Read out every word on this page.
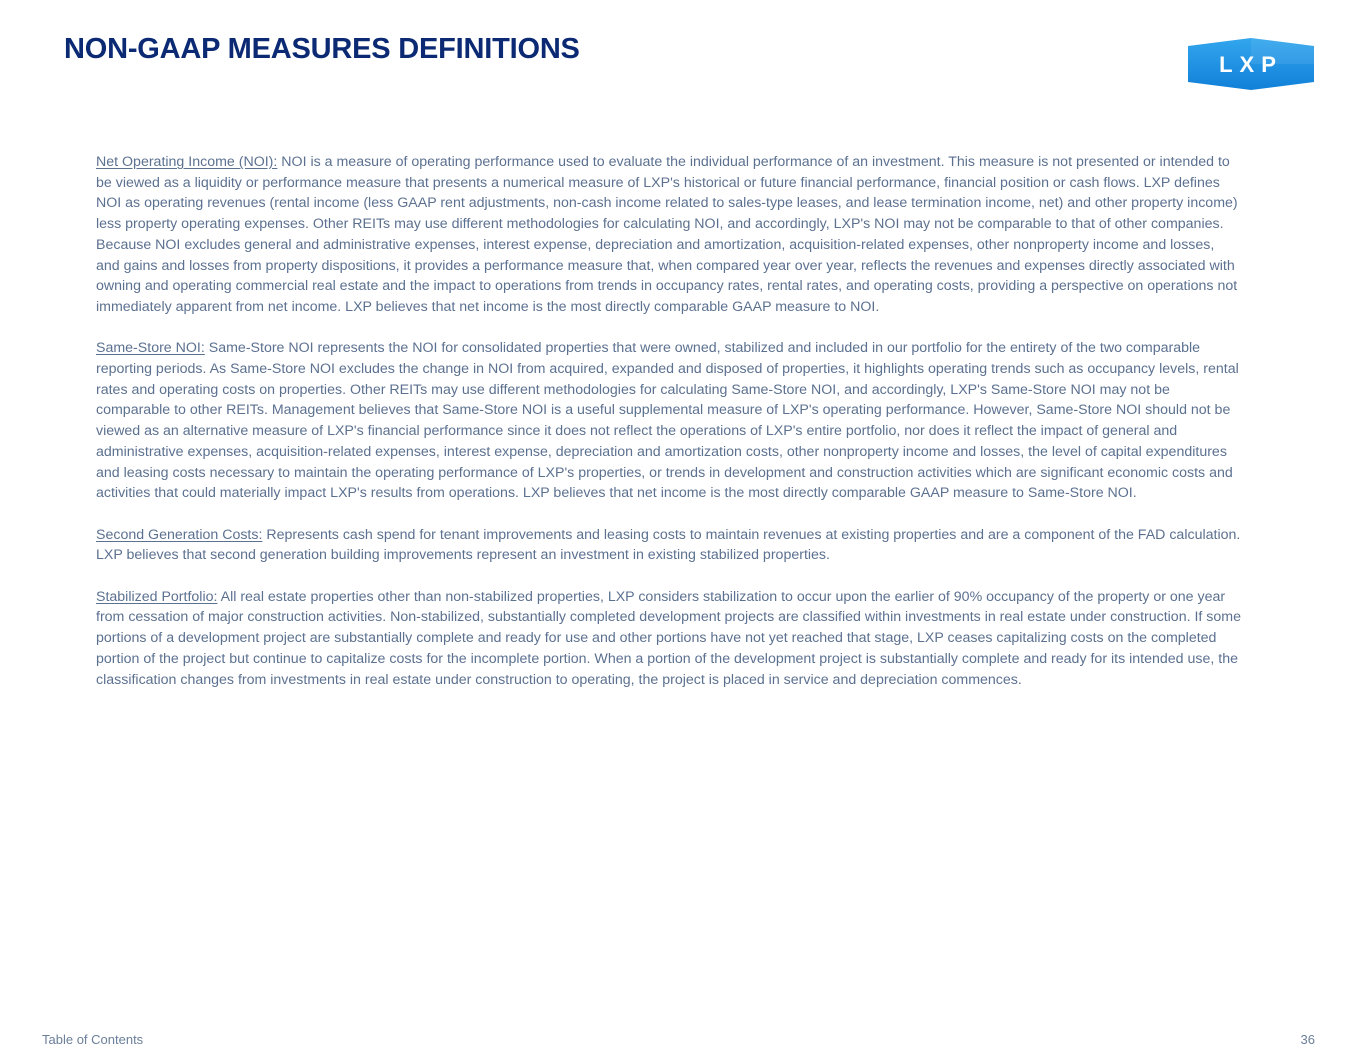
NON-GAAP MEASURES DEFINITIONS	LXP

Net Operating Income (NOI): NOI is a measure of operating performance used to evaluate the individual performance of an investment. This measure is not presented or intended to be viewed as a liquidity or performance measure that presents a numerical measure of LXP's historical or future financial performance, financial position or cash flows. LXP defines NOI as operating revenues (rental income (less GAAP rent adjustments, non-cash income related to sales-type leases, and lease termination income, net) and other property income) less property operating expenses. Other REITs may use different methodologies for calculating NOI, and accordingly, LXP's NOI may not be comparable to that of other companies. Because NOI excludes general and administrative expenses, interest expense, depreciation and amortization, acquisition-related expenses, other nonproperty income and losses, and gains and losses from property dispositions, it provides a performance measure that, when compared year over year, reflects the revenues and expenses directly associated with owning and operating commercial real estate and the impact to operations from trends in occupancy rates, rental rates, and operating costs, providing a perspective on operations not immediately apparent from net income. LXP believes that net income is the most directly comparable GAAP measure to NOI.

Same-Store NOI: Same-Store NOI represents the NOI for consolidated properties that were owned, stabilized and included in our portfolio for the entirety of the two comparable reporting periods. As Same-Store NOI excludes the change in NOI from acquired, expanded and disposed of properties, it highlights operating trends such as occupancy levels, rental rates and operating costs on properties. Other REITs may use different methodologies for calculating Same-Store NOI, and accordingly, LXP's Same-Store NOI may not be comparable to other REITs. Management believes that Same-Store NOI is a useful supplemental measure of LXP's operating performance. However, Same-Store NOI should not be viewed as an alternative measure of LXP's financial performance since it does not reflect the operations of LXP's entire portfolio, nor does it reflect the impact of general and administrative expenses, acquisition-related expenses, interest expense, depreciation and amortization costs, other nonproperty income and losses, the level of capital expenditures and leasing costs necessary to maintain the operating performance of LXP's properties, or trends in development and construction activities which are significant economic costs and activities that could materially impact LXP's results from operations. LXP believes that net income is the most directly comparable GAAP measure to Same-Store NOI.

Second Generation Costs: Represents cash spend for tenant improvements and leasing costs to maintain revenues at existing properties and are a component of the FAD calculation. LXP believes that second generation building improvements represent an investment in existing stabilized properties.

Stabilized Portfolio: All real estate properties other than non-stabilized properties, LXP considers stabilization to occur upon the earlier of 90% occupancy of the property or one year from cessation of major construction activities. Non-stabilized, substantially completed development projects are classified within investments in real estate under construction. If some portions of a development project are substantially complete and ready for use and other portions have not yet reached that stage, LXP ceases capitalizing costs on the completed portion of the project but continue to capitalize costs for the incomplete portion. When a portion of the development project is substantially complete and ready for its intended use, the classification changes from investments in real estate under construction to operating, the project is placed in service and depreciation commences.

Table of Contents	36
